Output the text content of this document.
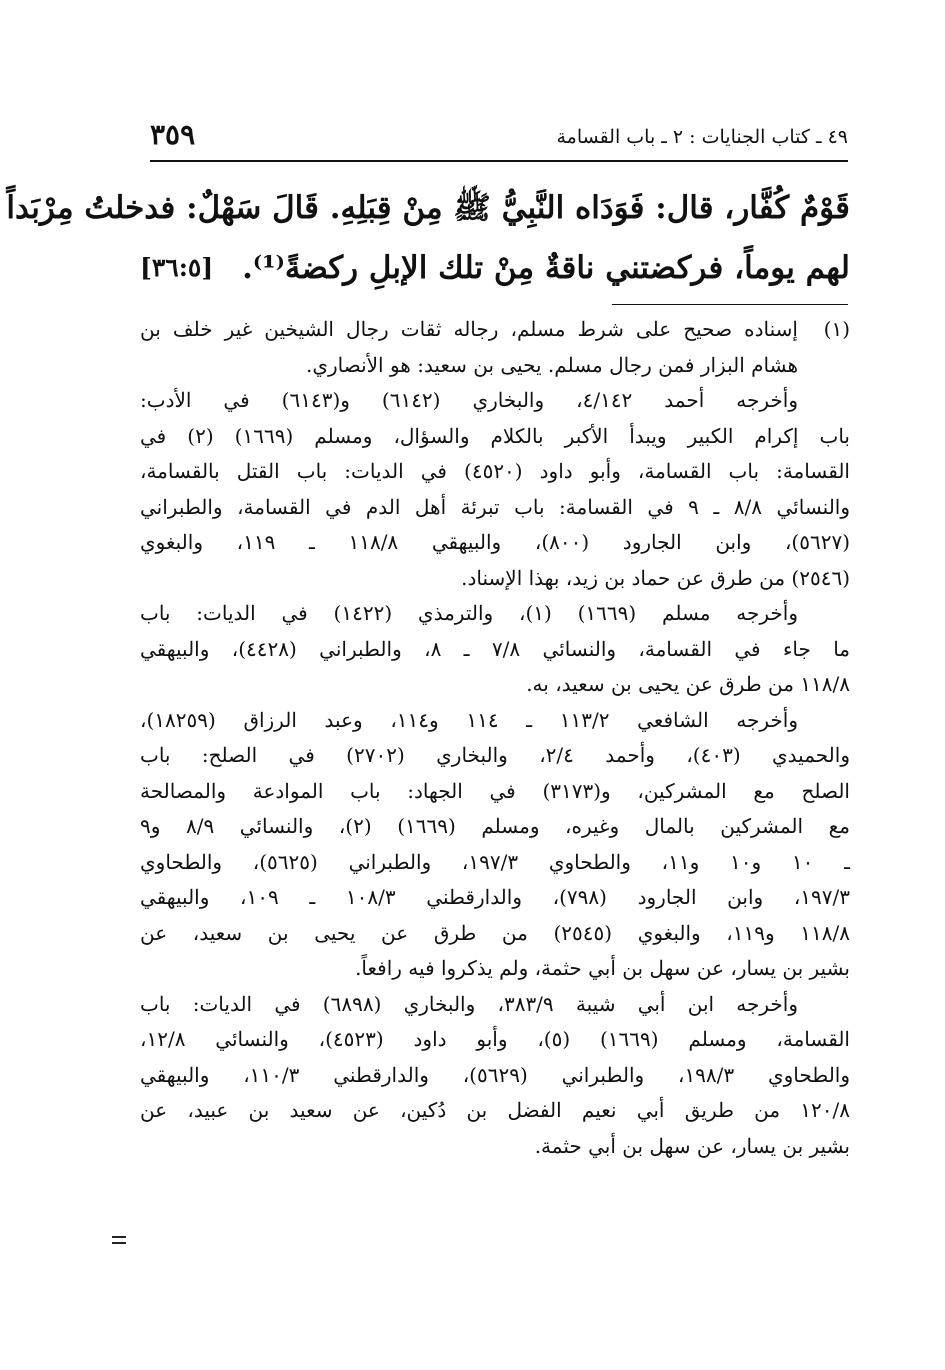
٤٩ ـ كتاب الجنايات : ٢ ـ باب القسامة
٣٥٩
قَوْمٌ كُفَّار، قال: فَوَدَاه النَّبِيُّ ﷺ مِنْ قِبَلِهِ. قَالَ سَهْلٌ: فدخلتُ مِرْبَداً
لهم يوماً، فركضتني ناقةٌ مِنْ تلك الإبلِ ركضةً⁽¹⁾.
[٣٦:٥]
(١)
إسناده صحيح على شرط مسلم، رجاله ثقات رجال الشيخين غير خلف بن
هشام البزار فمن رجال مسلم. يحيى بن سعيد: هو الأنصاري.
وأخرجه أحمد ٤/١٤٢، والبخاري (٦١٤٢) و(٦١٤٣) في الأدب:
باب إكرام الكبير ويبدأ الأكبر بالكلام والسؤال، ومسلم (١٦٦٩) (٢) في
القسامة: باب القسامة، وأبو داود (٤٥٢٠) في الديات: باب القتل بالقسامة،
والنسائي ٨/٨ ـ ٩ في القسامة: باب تبرئة أهل الدم في القسامة، والطبراني
(٥٦٢٧)، وابن الجارود (٨٠٠)، والبيهقي ١١٨/٨ ـ ١١٩، والبغوي
(٢٥٤٦) من طرق عن حماد بن زيد، بهذا الإسناد.
وأخرجه مسلم (١٦٦٩) (١)، والترمذي (١٤٢٢) في الديات: باب
ما جاء في القسامة، والنسائي ٧/٨ ـ ٨، والطبراني (٤٤٢٨)، والبيهقي
١١٨/٨ من طرق عن يحيى بن سعيد، به.
وأخرجه الشافعي ١١٣/٢ ـ ١١٤ و١١٤، وعبد الرزاق (١٨٢٥٩)،
والحميدي (٤٠٣)، وأحمد ٢/٤، والبخاري (٢٧٠٢) في الصلح: باب
الصلح مع المشركين، و(٣١٧٣) في الجهاد: باب الموادعة والمصالحة
مع المشركين بالمال وغيره، ومسلم (١٦٦٩) (٢)، والنسائي ٨/٩ و٩
ـ ١٠ و١٠ و١١، والطحاوي ١٩٧/٣، والطبراني (٥٦٢٥)، والطحاوي
١٩٧/٣، وابن الجارود (٧٩٨)، والدارقطني ١٠٨/٣ ـ ١٠٩، والبيهقي
١١٨/٨ و١١٩، والبغوي (٢٥٤٥) من طرق عن يحيى بن سعيد، عن
بشير بن يسار، عن سهل بن أبي حثمة، ولم يذكروا فيه رافعاً.
وأخرجه ابن أبي شيبة ٣٨٣/٩، والبخاري (٦٨٩٨) في الديات: باب
القسامة، ومسلم (١٦٦٩) (٥)، وأبو داود (٤٥٢٣)، والنسائي ١٢/٨،
والطحاوي ١٩٨/٣، والطبراني (٥٦٢٩)، والدارقطني ١١٠/٣، والبيهقي
١٢٠/٨ من طريق أبي نعيم الفضل بن دُكين، عن سعيد بن عبيد، عن
بشير بن يسار، عن سهل بن أبي حثمة.
